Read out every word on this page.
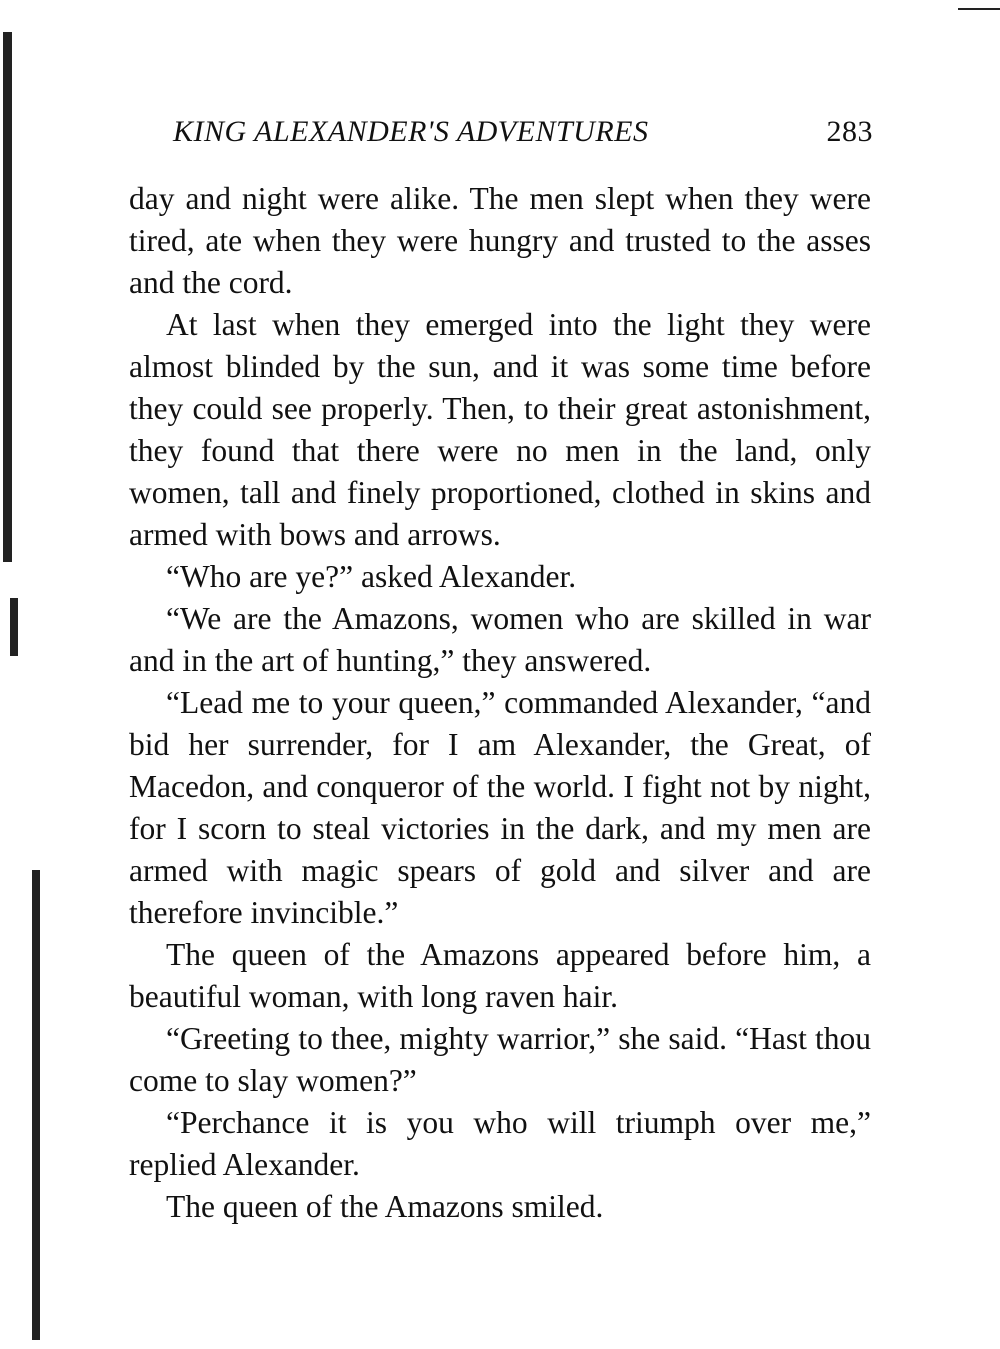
KING ALEXANDER'S ADVENTURES	283

day and night were alike. The men slept when they were tired, ate when they were hungry and trusted to the asses and the cord.

At last when they emerged into the light they were almost blinded by the sun, and it was some time before they could see properly. Then, to their great astonishment, they found that there were no men in the land, only women, tall and finely proportioned, clothed in skins and armed with bows and arrows.

“Who are ye?” asked Alexander.

“We are the Amazons, women who are skilled in war and in the art of hunting,” they answered.

“Lead me to your queen,” commanded Alexander, “and bid her surrender, for I am Alexander, the Great, of Macedon, and conqueror of the world. I fight not by night, for I scorn to steal victories in the dark, and my men are armed with magic spears of gold and silver and are therefore invincible.”

The queen of the Amazons appeared before him, a beautiful woman, with long raven hair.

“Greeting to thee, mighty warrior,” she said. “Hast thou come to slay women?”

“Perchance it is you who will triumph over me,” replied Alexander.

The queen of the Amazons smiled.
